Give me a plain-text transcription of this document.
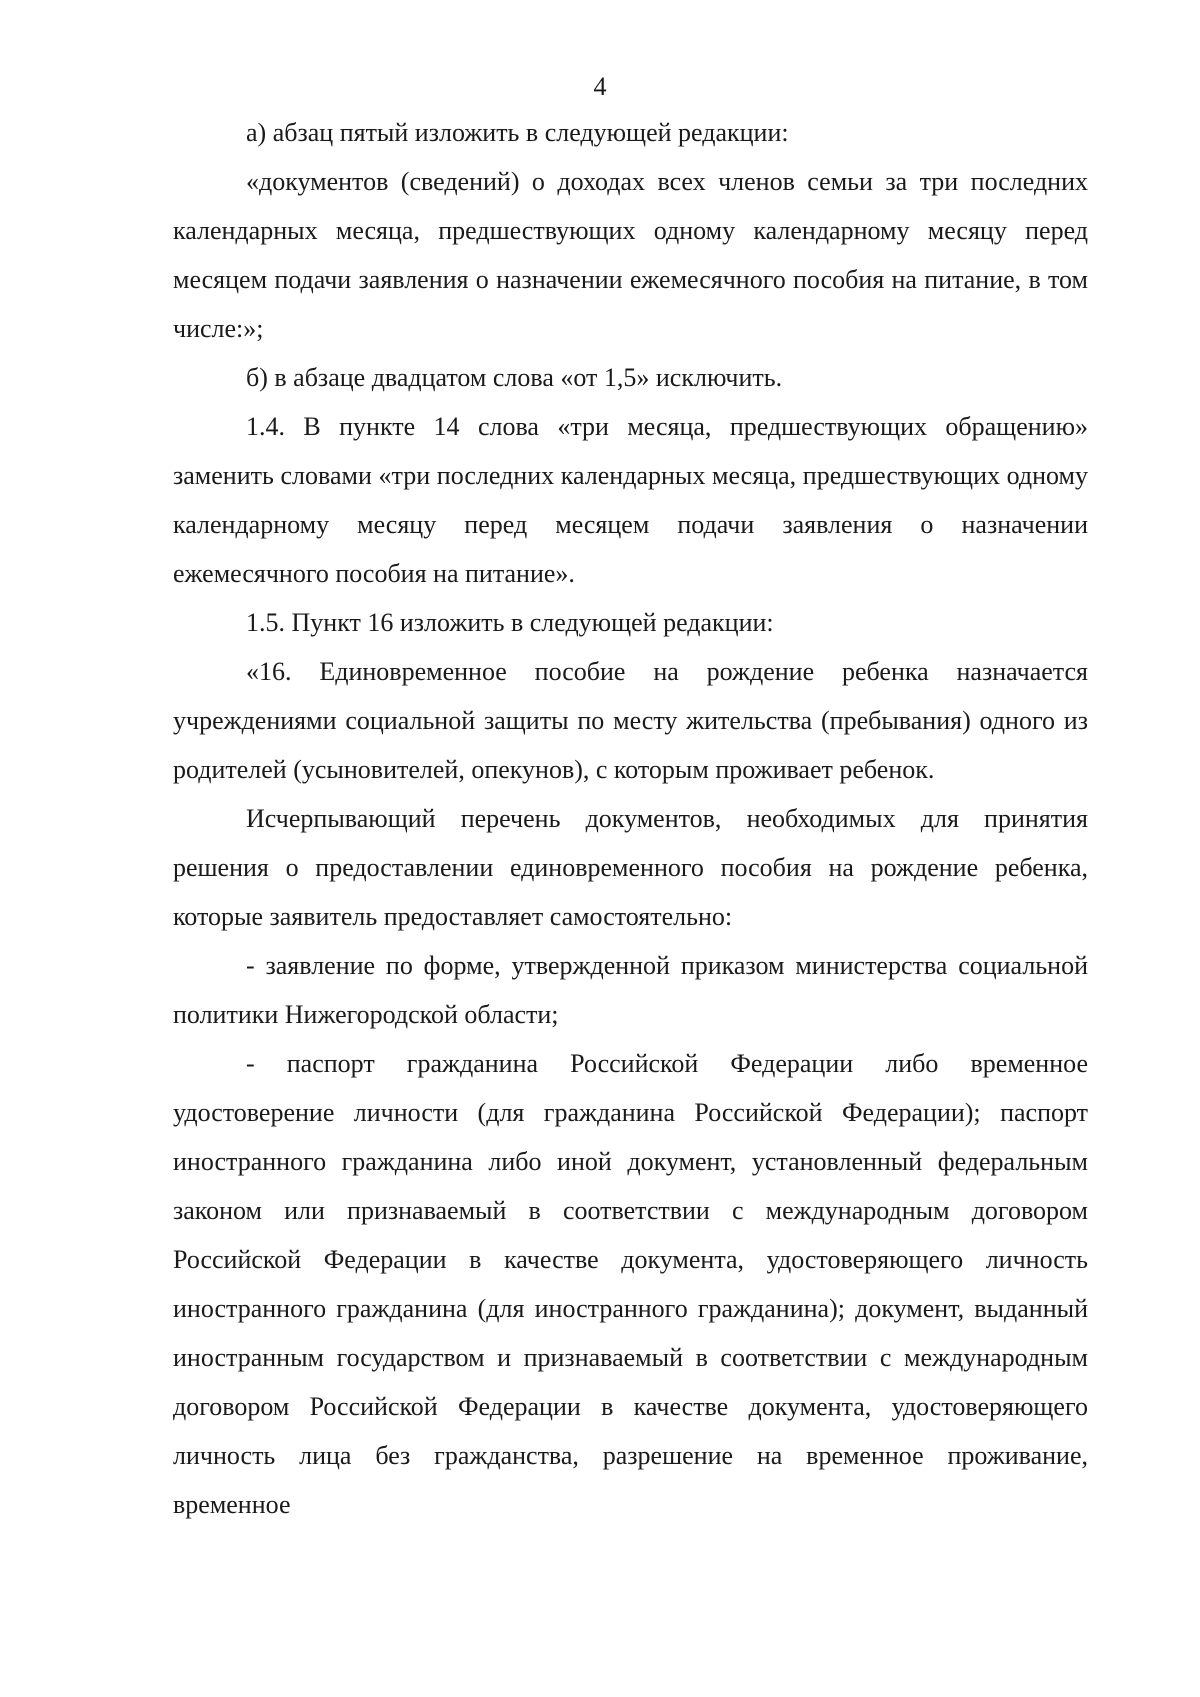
4

а) абзац пятый изложить в следующей редакции:

«документов (сведений) о доходах всех членов семьи за три последних календарных месяца, предшествующих одному календарному месяцу перед месяцем подачи заявления о назначении ежемесячного пособия на питание, в том числе:»;

б) в абзаце двадцатом слова «от 1,5» исключить.

1.4. В пункте 14 слова «три месяца, предшествующих обращению» заменить словами «три последних календарных месяца, предшествующих одному календарному месяцу перед месяцем подачи заявления о назначении ежемесячного пособия на питание».

1.5. Пункт 16 изложить в следующей редакции:

«16. Единовременное пособие на рождение ребенка назначается учреждениями социальной защиты по месту жительства (пребывания) одного из родителей (усыновителей, опекунов), с которым проживает ребенок.

Исчерпывающий перечень документов, необходимых для принятия решения о предоставлении единовременного пособия на рождение ребенка, которые заявитель предоставляет самостоятельно:

- заявление по форме, утвержденной приказом министерства социальной политики Нижегородской области;

- паспорт гражданина Российской Федерации либо временное удостоверение личности (для гражданина Российской Федерации); паспорт иностранного гражданина либо иной документ, установленный федеральным законом или признаваемый в соответствии с международным договором Российской Федерации в качестве документа, удостоверяющего личность иностранного гражданина (для иностранного гражданина); документ, выданный иностранным государством и признаваемый в соответствии с международным договором Российской Федерации в качестве документа, удостоверяющего личность лица без гражданства, разрешение на временное проживание, временное
